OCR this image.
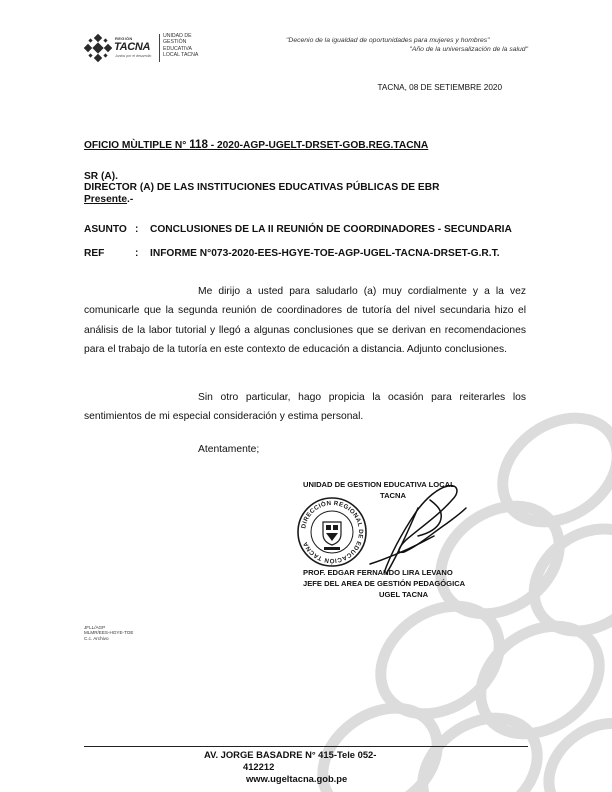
REGIÓN
TACNA
Juntos por el desarrollo
UNIDAD DE
GESTIÓN
EDUCATIVA
LOCAL TACNA
"Decenio de la igualdad de oportunidades para mujeres y hombres"
"Año de la universalización de la salud"
TACNA, 08 DE SETIEMBRE 2020
OFICIO MÙLTIPLE N° 118 - 2020-AGP-UGELT-DRSET-GOB.REG.TACNA
SR (A).
DIRECTOR (A) DE LAS INSTITUCIONES EDUCATIVAS PÚBLICAS DE EBR
Presente.-
ASUNTO : CONCLUSIONES DE LA II REUNIÓN DE COORDINADORES - SECUNDARIA
REF	: INFORME N°073-2020-EES-HGYE-TOE-AGP-UGEL-TACNA-DRSET-G.R.T.
Me dirijo a usted para saludarlo (a) muy cordialmente y a la vez comunicarle que la segunda reunión de coordinadores de tutoría del nivel secundaria hizo el análisis de la labor tutorial y llegó a algunas conclusiones que se derivan en recomendaciones para el trabajo de la tutoría en este contexto de educación a distancia. Adjunto conclusiones.
Sin otro particular, hago propicia la ocasión para reiterarles los sentimientos de mi especial consideración y estima personal.
Atentamente;
UNIDAD DE GESTION EDUCATIVA LOCAL
TACNA
DIRECCIÓN REGIONAL DE EDUCACIÓN TACNA
PROF. EDGAR FERNANDO LIRA LEVANO
JEFE DEL AREA DE GESTIÓN PEDAGÓGICA
UGEL TACNA
JFLL/AGP
MLMR/EES-HGYE-TOE
C.c. Archivo
AV. JORGE BASADRE N° 415-Tele 052-
412212
www.ugeltacna.gob.pe
